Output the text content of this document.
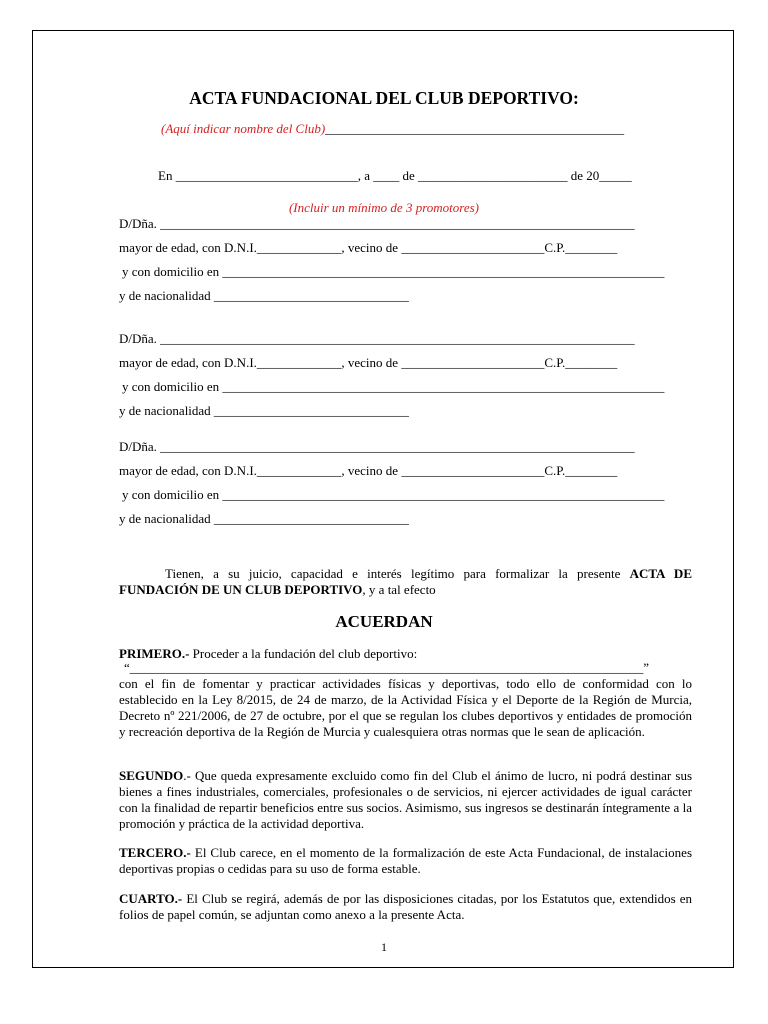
ACTA FUNDACIONAL DEL CLUB DEPORTIVO:
(Aquí indicar nombre del Club)______________________________________________
En ____________________________, a ____ de _______________________ de 20_____
(Incluir un mínimo de 3 promotores)
D/Dña. _________________________________________________________________________
mayor de edad, con D.N.I._____________, vecino de ______________________C.P.________
y con domicilio en ____________________________________________________________________
y de nacionalidad ______________________________
D/Dña. _________________________________________________________________________
mayor de edad, con D.N.I._____________, vecino de ______________________C.P.________
y con domicilio en ____________________________________________________________________
y de nacionalidad ______________________________
D/Dña. _________________________________________________________________________
mayor de edad, con D.N.I._____________, vecino de ______________________C.P.________
y con domicilio en ____________________________________________________________________
y de nacionalidad ______________________________
Tienen, a su juicio, capacidad e interés legítimo para formalizar la presente ACTA DE FUNDACIÓN DE UN CLUB DEPORTIVO, y a tal efecto
ACUERDAN
PRIMERO.- Proceder a la fundación del club deportivo:
“_______________________________________________________________________________”
con el fin de fomentar y practicar actividades físicas y deportivas, todo ello de conformidad con lo establecido en la Ley 8/2015, de 24 de marzo, de la Actividad Física y el Deporte de la Región de Murcia, Decreto nº 221/2006, de 27 de octubre, por el que se regulan los clubes deportivos y entidades de promoción y recreación deportiva de la Región de Murcia y cualesquiera otras normas que le sean de aplicación.
SEGUNDO.- Que queda expresamente excluido como fin del Club el ánimo de lucro, ni podrá destinar sus bienes a fines industriales, comerciales, profesionales o de servicios, ni ejercer actividades de igual carácter con la finalidad de repartir beneficios entre sus socios. Asimismo, sus ingresos se destinarán íntegramente a la promoción y práctica de la actividad deportiva.
TERCERO.- El Club carece, en el momento de la formalización de este Acta Fundacional, de instalaciones deportivas propias o cedidas para su uso de forma estable.
CUARTO.- El Club se regirá, además de por las disposiciones citadas, por los Estatutos que, extendidos en folios de papel común, se adjuntan como anexo a la presente Acta.
1
